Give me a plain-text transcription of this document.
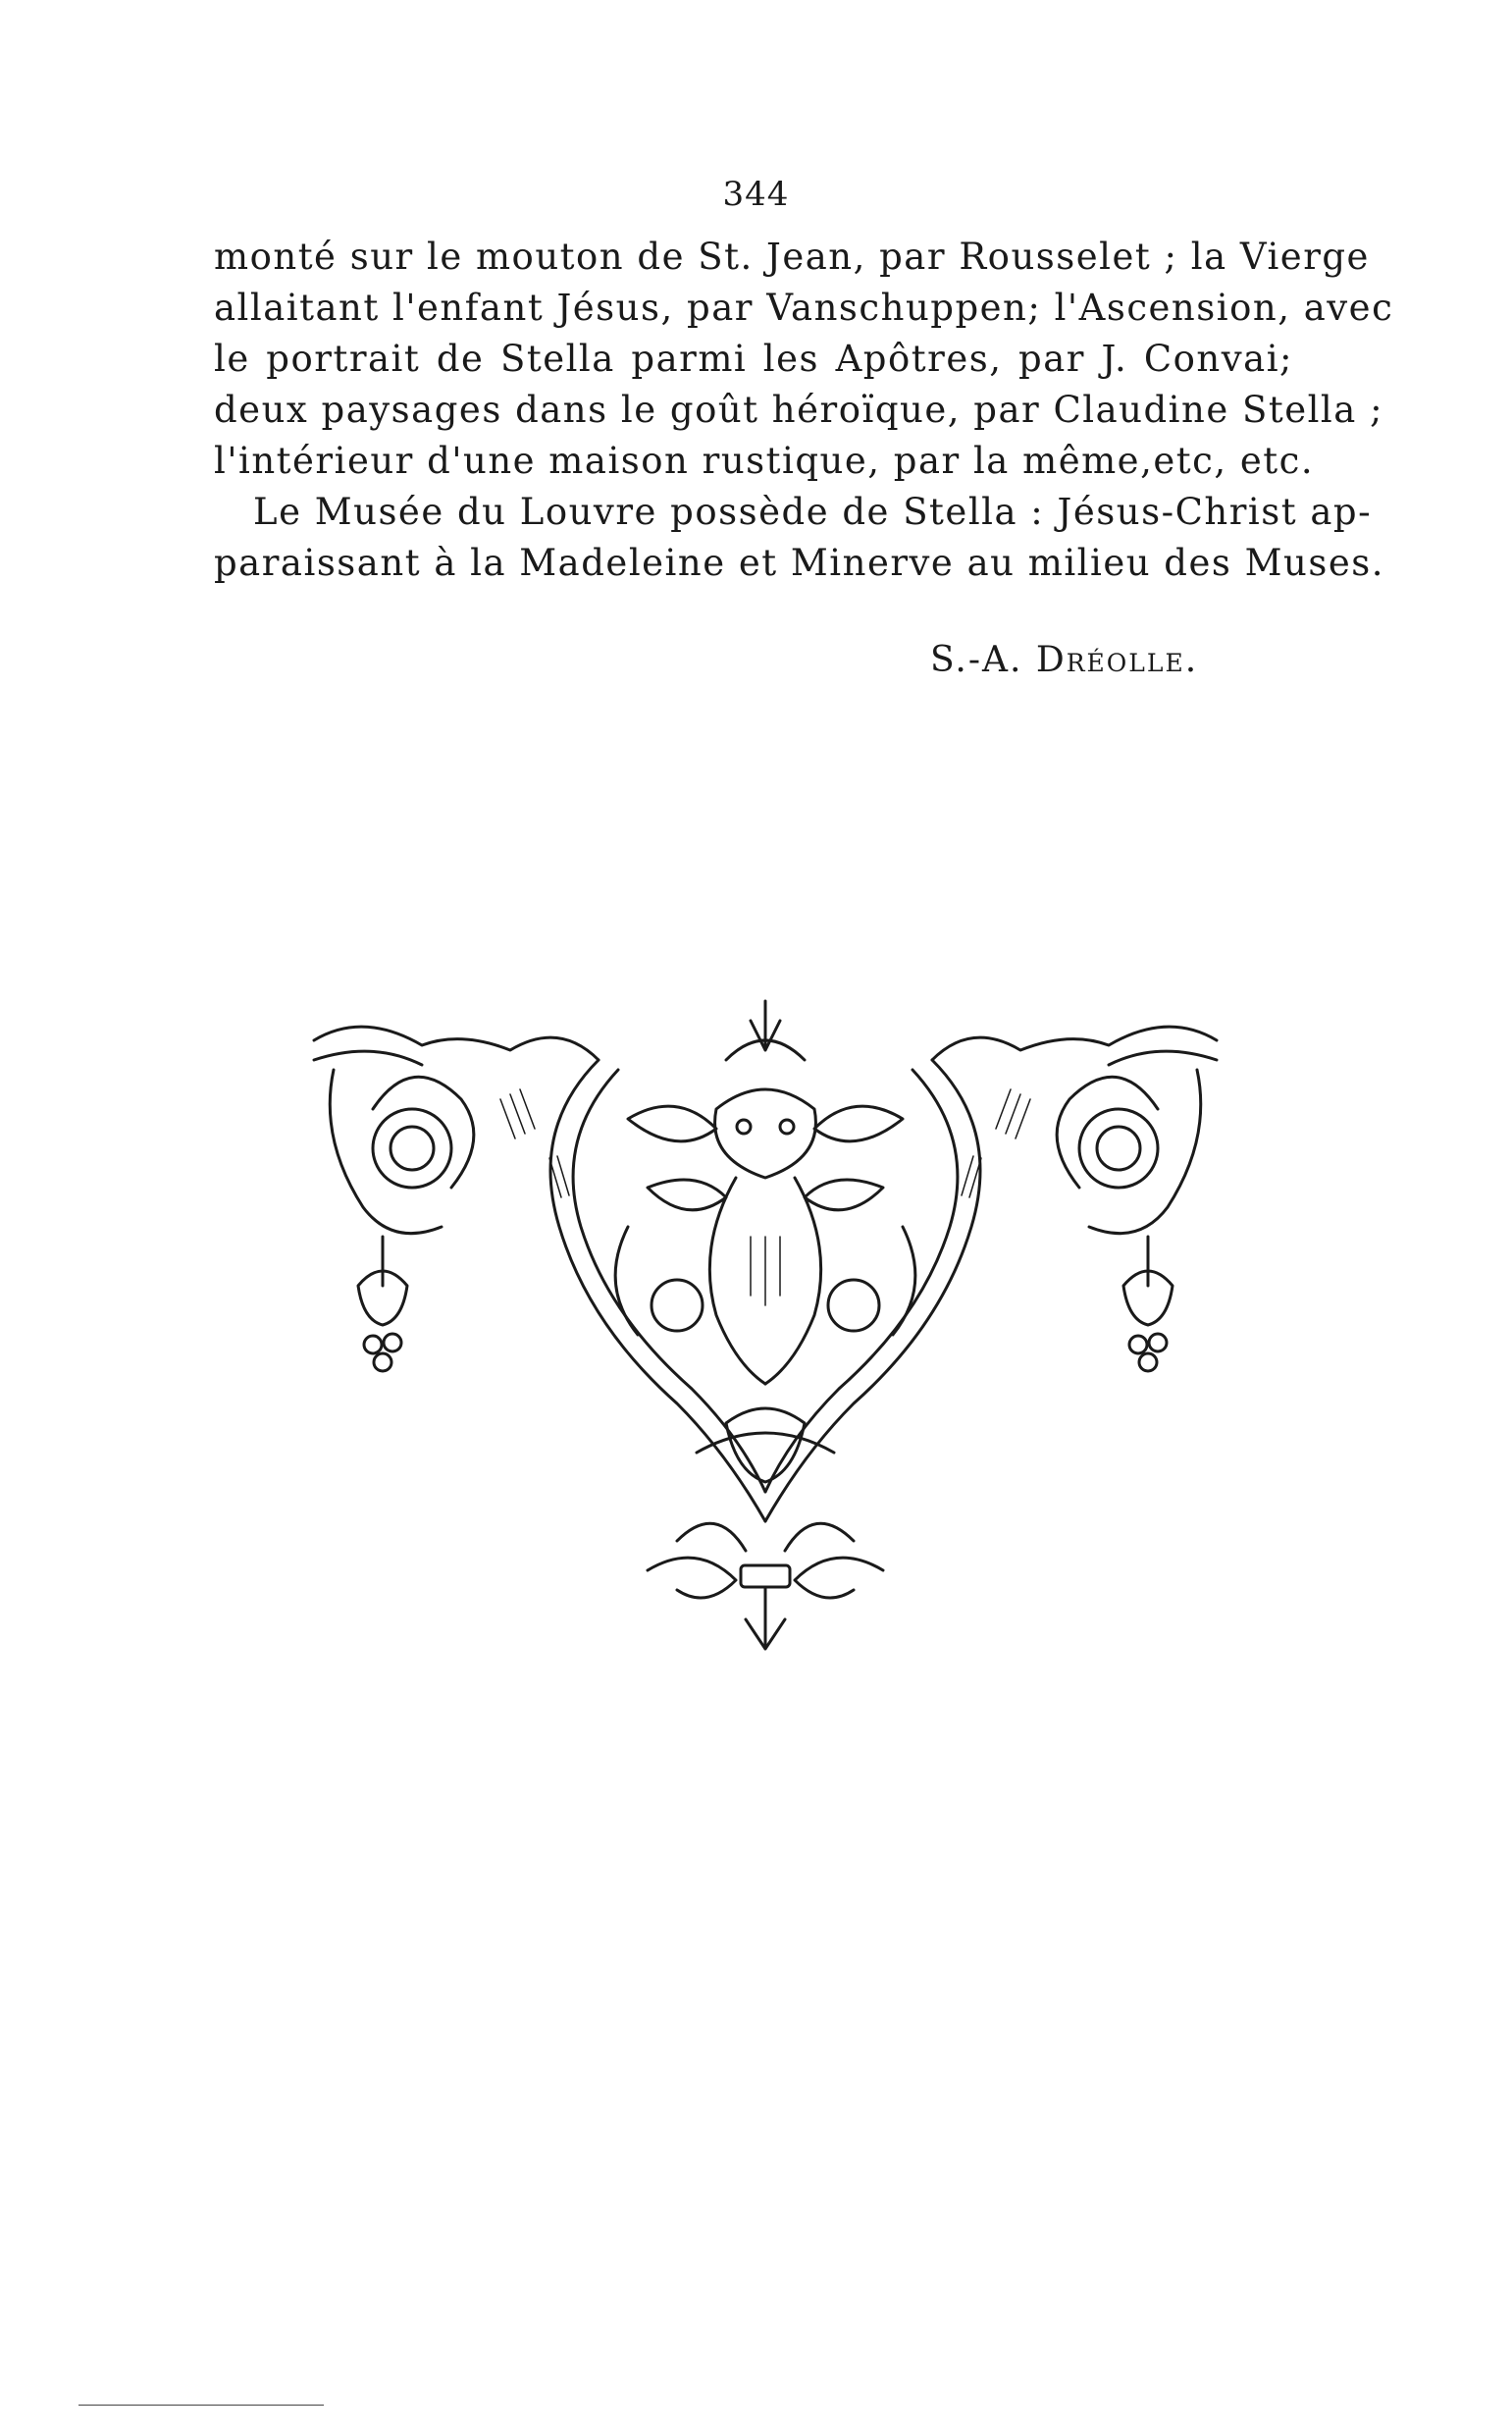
344
monté sur le mouton de St. Jean, par Rousselet ; la Vierge
allaitant l'enfant Jésus, par Vanschuppen; l'Ascension, avec
le portrait de Stella parmi les Apôtres, par J. Convai;
deux paysages dans le goût héroïque, par Claudine Stella ;
l'intérieur d'une maison rustique, par la même,etc, etc.
Le Musée du Louvre possède de Stella : Jésus-Christ ap-
paraissant à la Madeleine et Minerve au milieu des Muses.
S.-A. Dréolle.
